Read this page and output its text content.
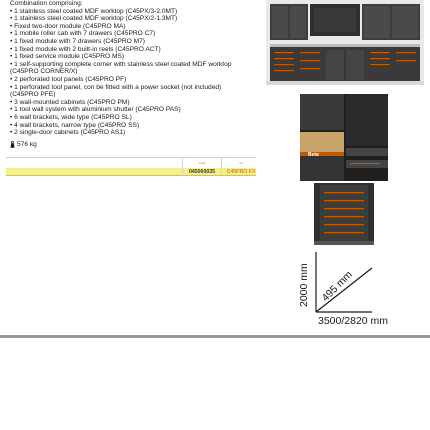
Combination comprising:
• 1 stainless steel coated MDF worktop (C45PX/3-2.0MT)
• 1 stainless steel coated MDF worktop (C45PX/2-1.3MT)
• Fixed two-door module (C45PRO MA)
• 1 mobile roller cab with 7 drawers (C45PRO C7)
• 1 fixed module with 7 drawers (C45PRO M7)
• 1 fixed module with 2 built-in reels (C45PRO ACT)
• 1 fixed service module (C45PRO MS)
• 1 self-supporting complete corner with stainless steel coated MDF worktop
(C45PRO CORNER/X)
• 2 perforated tool panels (C45PRO PF)
• 1 perforated tool panel, con be fitted with a power socket (not included)
(C45PRO PFE)
• 3 wall-mounted cabinets (C45PRO PM)
• 1 tool wall system with aluminium shutter (C45PRO PAS)
• 6 wall brackets, wide type (C45PRO SL)
• 4 wall brackets, narrow type (C45PRO SS)
• 2 single-door cabinets (C45PRO AS1)
576 kg
code	ref
045000035	C45PRO FX
Beta
2000 mm 495 mm
3500/2820 mm
